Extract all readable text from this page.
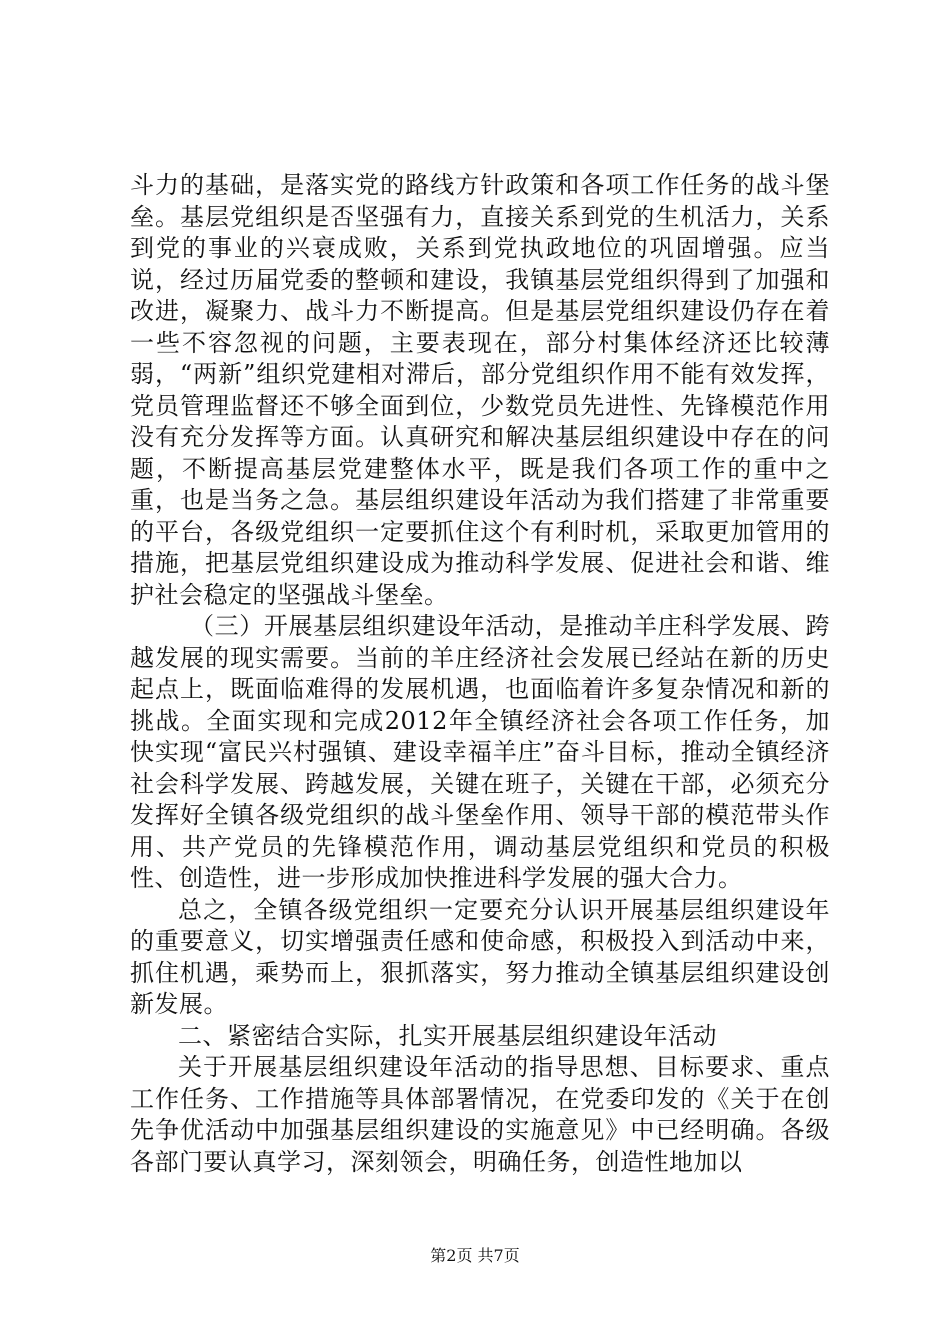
斗力的基础，是落实党的路线方针政策和各项工作任务的战斗堡垒。基层党组织是否坚强有力，直接关系到党的生机活力，关系到党的事业的兴衰成败，关系到党执政地位的巩固增强。应当说，经过历届党委的整顿和建设，我镇基层党组织得到了加强和改进，凝聚力、战斗力不断提高。但是基层党组织建设仍存在着一些不容忽视的问题，主要表现在，部分村集体经济还比较薄弱，“两新”组织党建相对滞后，部分党组织作用不能有效发挥，党员管理监督还不够全面到位，少数党员先进性、先锋模范作用没有充分发挥等方面。认真研究和解决基层组织建设中存在的问题，不断提高基层党建整体水平，既是我们各项工作的重中之重，也是当务之急。基层组织建设年活动为我们搭建了非常重要的平台，各级党组织一定要抓住这个有利时机，采取更加管用的措施，把基层党组织建设成为推动科学发展、促进社会和谐、维护社会稳定的坚强战斗堡垒。

（三）开展基层组织建设年活动，是推动羊庄科学发展、跨越发展的现实需要。当前的羊庄经济社会发展已经站在新的历史起点上，既面临难得的发展机遇，也面临着许多复杂情况和新的挑战。全面实现和完成2012年全镇经济社会各项工作任务，加快实现“富民兴村强镇、建设幸福羊庄”奋斗目标，推动全镇经济社会科学发展、跨越发展，关键在班子，关键在干部，必须充分发挥好全镇各级党组织的战斗堡垒作用、领导干部的模范带头作用、共产党员的先锋模范作用，调动基层党组织和党员的积极性、创造性，进一步形成加快推进科学发展的强大合力。

总之，全镇各级党组织一定要充分认识开展基层组织建设年的重要意义，切实增强责任感和使命感，积极投入到活动中来，抓住机遇，乘势而上，狠抓落实，努力推动全镇基层组织建设创新发展。

二、紧密结合实际，扎实开展基层组织建设年活动

关于开展基层组织建设年活动的指导思想、目标要求、重点工作任务、工作措施等具体部署情况，在党委印发的《关于在创先争优活动中加强基层组织建设的实施意见》中已经明确。各级各部门要认真学习，深刻领会，明确任务，创造性地加以

第2页 共7页
